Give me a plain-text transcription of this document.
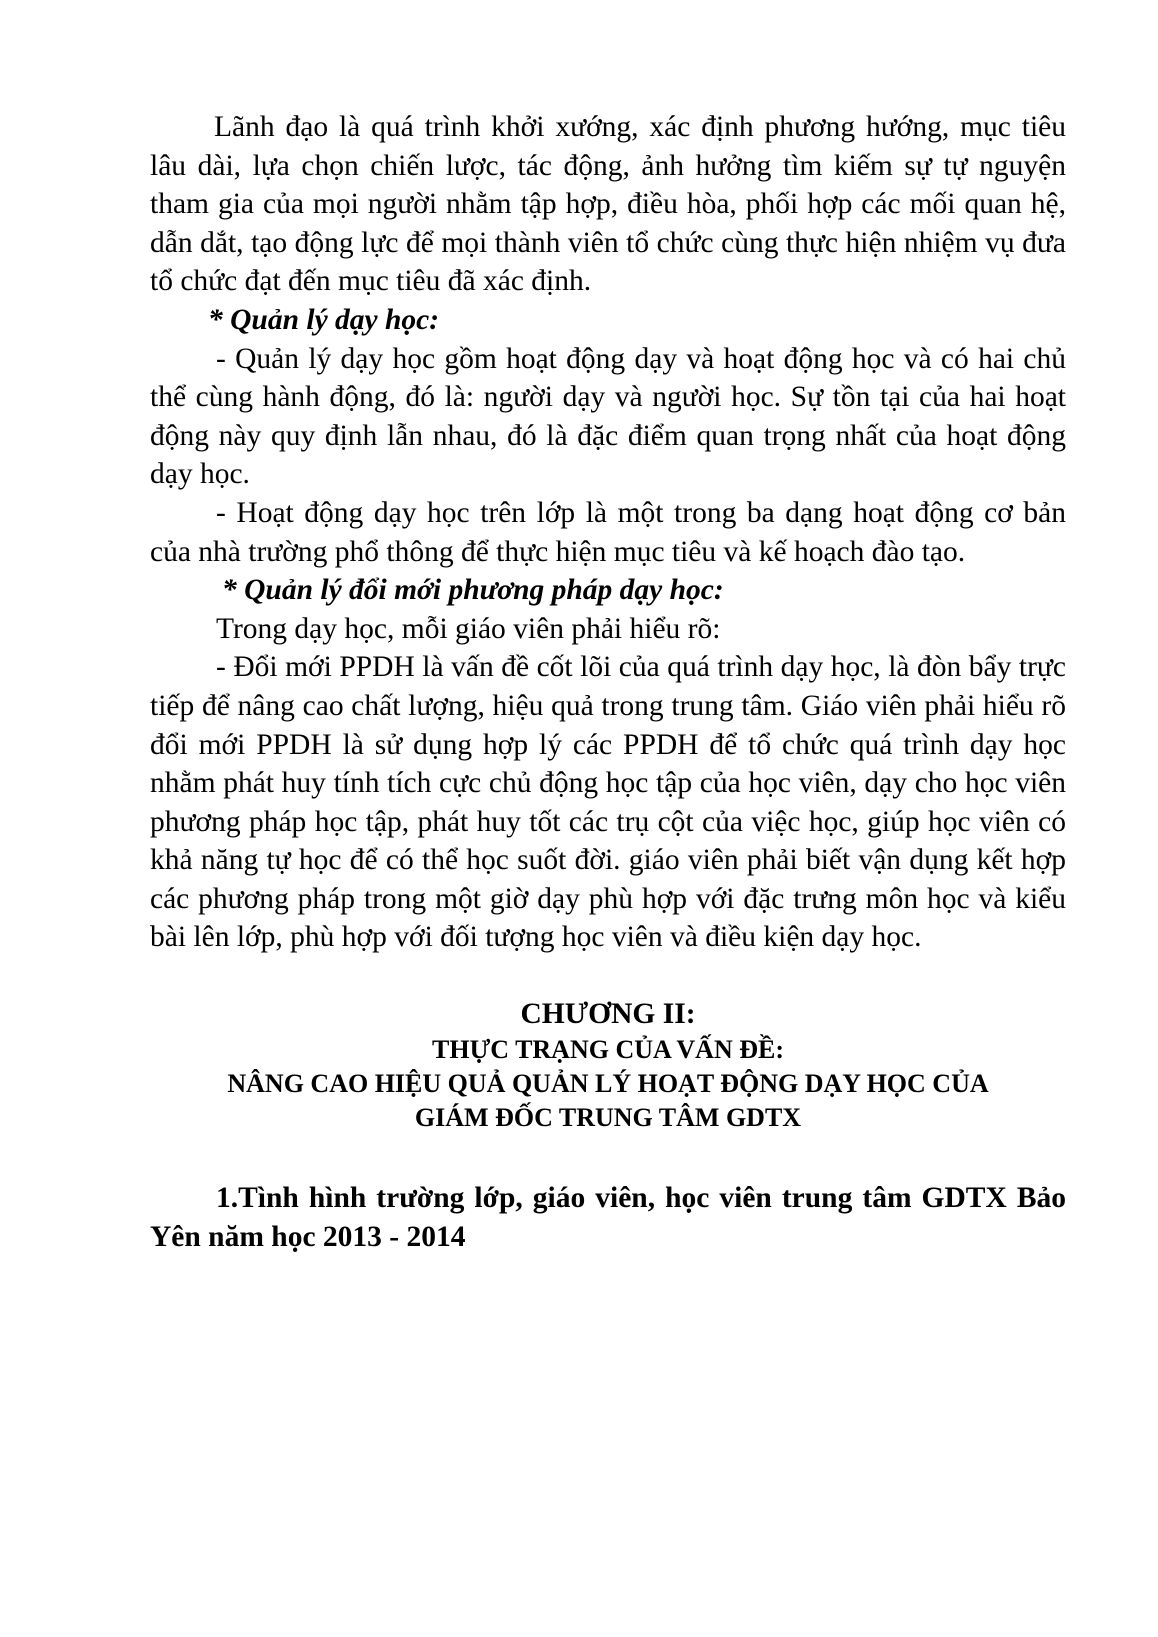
Lãnh đạo là quá trình khởi xướng, xác định phương hướng, mục tiêu lâu dài, lựa chọn chiến lược, tác động, ảnh hưởng tìm kiếm sự tự nguyện tham gia của mọi người nhằm tập hợp, điều hòa, phối hợp các mối quan hệ, dẫn dắt, tạo động lực để mọi thành viên tổ chức cùng thực hiện nhiệm vụ đưa tổ chức đạt đến mục tiêu đã xác định.

* Quản lý dạy học:

- Quản lý dạy học gồm hoạt động dạy và hoạt động học và có hai chủ thể cùng hành động, đó là: người dạy và người học. Sự tồn tại của hai hoạt động này quy định lẫn nhau, đó là đặc điểm quan trọng nhất của hoạt động dạy học.

- Hoạt động dạy học trên lớp là một trong ba dạng hoạt động cơ bản của nhà trường phổ thông để thực hiện mục tiêu và kế hoạch đào tạo.

* Quản lý đổi mới phương pháp dạy học:

Trong dạy học, mỗi giáo viên phải hiểu rõ:

- Đổi mới PPDH là vấn đề cốt lõi của quá trình dạy học, là đòn bẩy trực tiếp để nâng cao chất lượng, hiệu quả trong trung tâm. Giáo viên phải hiểu rõ đổi mới PPDH là sử dụng hợp lý các PPDH để tổ chức quá trình dạy học nhằm phát huy tính tích cực chủ động học tập của học viên, dạy cho học viên phương pháp học tập, phát huy tốt các trụ cột của việc học, giúp học viên có khả năng tự học để có thể học suốt đời. giáo viên phải biết vận dụng kết hợp các phương pháp trong một giờ dạy phù hợp với đặc trưng môn học và kiểu bài lên lớp, phù hợp với đối tượng học viên và điều kiện dạy học.

CHƯƠNG II:

THỰC TRẠNG CỦA VẤN ĐỀ:

NÂNG CAO HIỆU QUẢ QUẢN LÝ HOẠT ĐỘNG DẠY HỌC CỦA

GIÁM ĐỐC TRUNG TÂM GDTX

1.Tình hình trường lớp, giáo viên, học viên trung tâm GDTX Bảo Yên năm học 2013 - 2014
